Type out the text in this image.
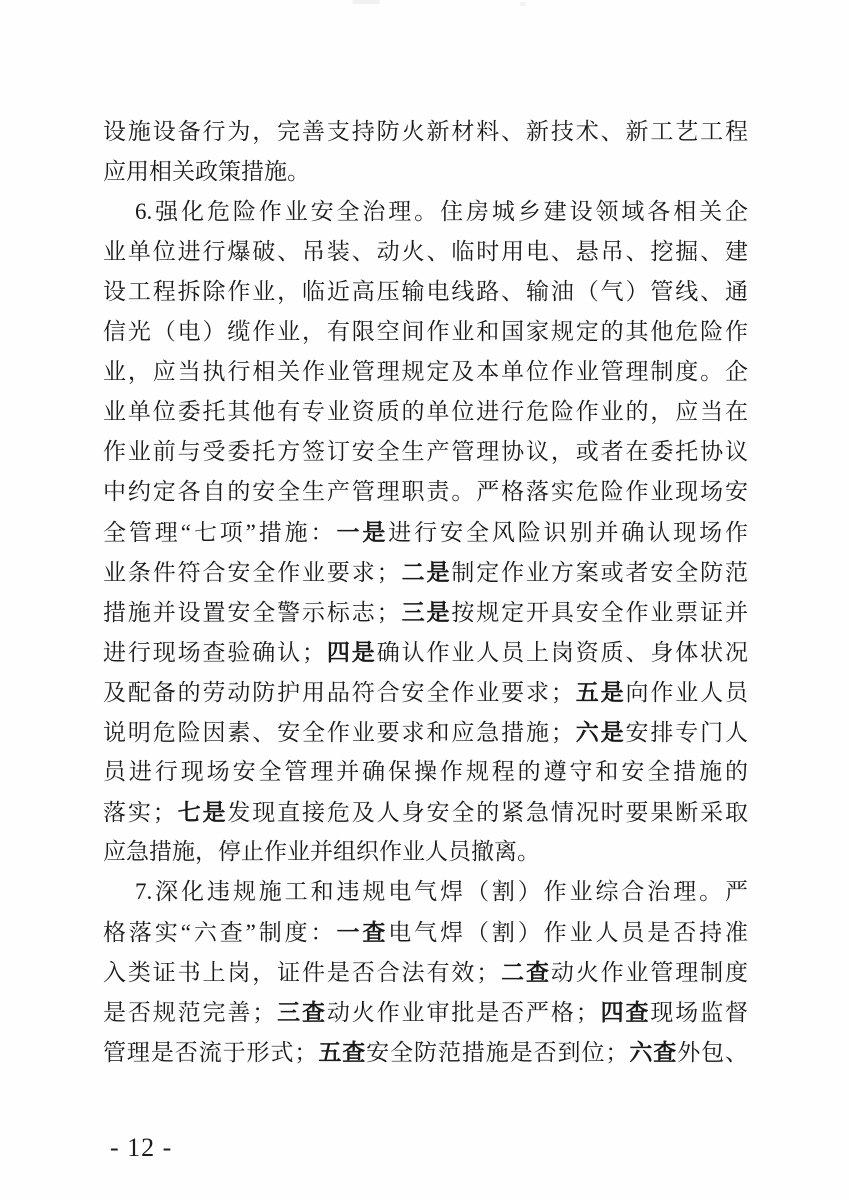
设施设备行为，完善支持防火新材料、新技术、新工艺工程
应用相关政策措施。
6.强化危险作业安全治理。住房城乡建设领域各相关企
业单位进行爆破、吊装、动火、临时用电、悬吊、挖掘、建
设工程拆除作业，临近高压输电线路、输油（气）管线、通
信光（电）缆作业，有限空间作业和国家规定的其他危险作
业，应当执行相关作业管理规定及本单位作业管理制度。企
业单位委托其他有专业资质的单位进行危险作业的，应当在
作业前与受委托方签订安全生产管理协议，或者在委托协议
中约定各自的安全生产管理职责。严格落实危险作业现场安
全管理“七项”措施：一是进行安全风险识别并确认现场作
业条件符合安全作业要求；二是制定作业方案或者安全防范
措施并设置安全警示标志；三是按规定开具安全作业票证并
进行现场查验确认；四是确认作业人员上岗资质、身体状况
及配备的劳动防护用品符合安全作业要求；五是向作业人员
说明危险因素、安全作业要求和应急措施；六是安排专门人
员进行现场安全管理并确保操作规程的遵守和安全措施的
落实；七是发现直接危及人身安全的紧急情况时要果断采取
应急措施，停止作业并组织作业人员撤离。
7.深化违规施工和违规电气焊（割）作业综合治理。严
格落实“六查”制度：一查电气焊（割）作业人员是否持准
入类证书上岗，证件是否合法有效；二查动火作业管理制度
是否规范完善；三查动火作业审批是否严格；四查现场监督
管理是否流于形式；五查安全防范措施是否到位；六查外包、
- 12 -
